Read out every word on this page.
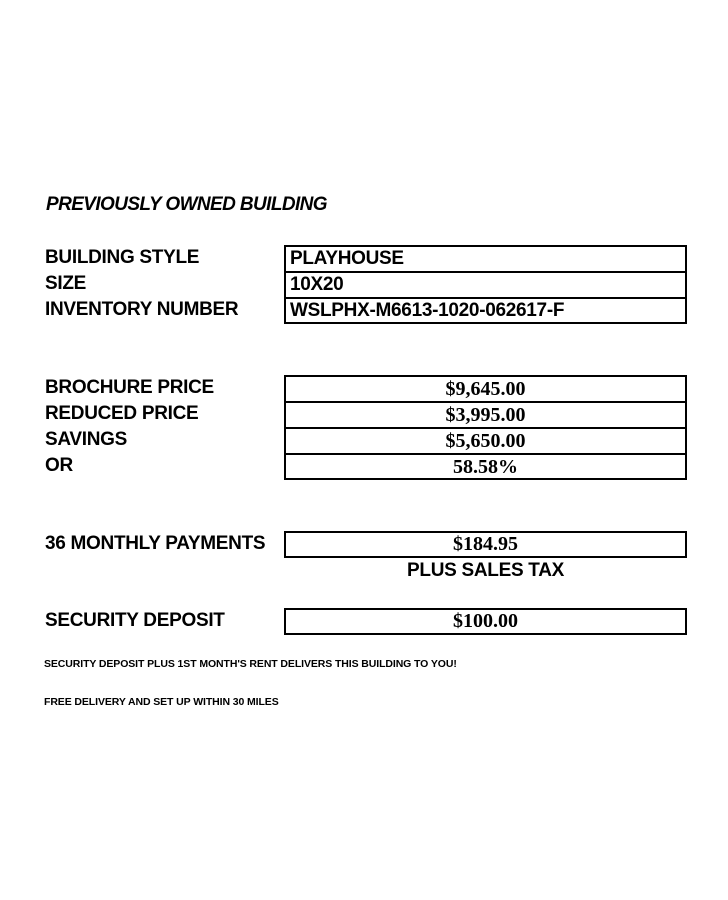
PREVIOUSLY OWNED BUILDING
BUILDING STYLE
SIZE
INVENTORY NUMBER
PLAYHOUSE
10X20
WSLPHX-M6613-1020-062617-F
BROCHURE PRICE
REDUCED PRICE
SAVINGS
OR
$9,645.00
$3,995.00
$5,650.00
58.58%
36 MONTHLY PAYMENTS	$184.95
PLUS SALES TAX
SECURITY DEPOSIT	$100.00
SECURITY DEPOSIT PLUS 1ST MONTH'S RENT DELIVERS THIS BUILDING TO YOU!
FREE DELIVERY AND SET UP WITHIN 30 MILES
